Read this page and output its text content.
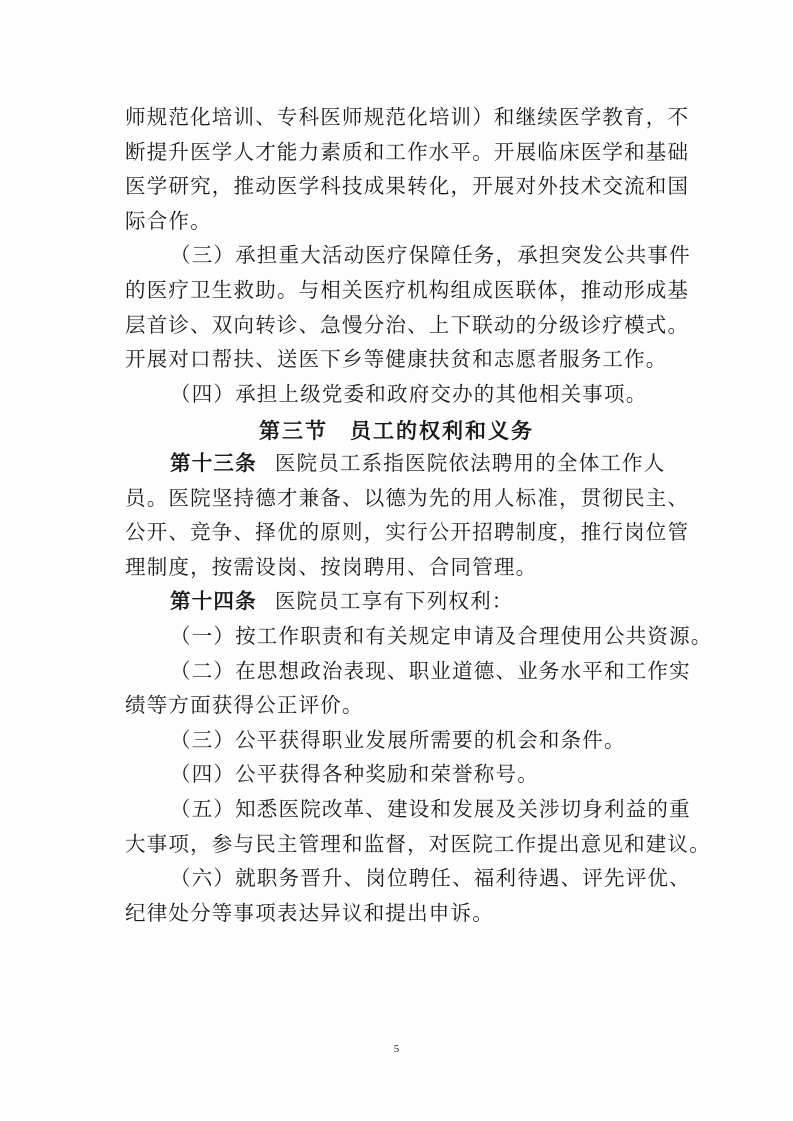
师规范化培训、专科医师规范化培训）和继续医学教育，不
断提升医学人才能力素质和工作水平。开展临床医学和基础
医学研究，推动医学科技成果转化，开展对外技术交流和国
际合作。
（三）承担重大活动医疗保障任务，承担突发公共事件
的医疗卫生救助。与相关医疗机构组成医联体，推动形成基
层首诊、双向转诊、急慢分治、上下联动的分级诊疗模式。
开展对口帮扶、送医下乡等健康扶贫和志愿者服务工作。
（四）承担上级党委和政府交办的其他相关事项。
第三节 员工的权利和义务
第十三条 医院员工系指医院依法聘用的全体工作人
员。医院坚持德才兼备、以德为先的用人标准，贯彻民主、
公开、竞争、择优的原则，实行公开招聘制度，推行岗位管
理制度，按需设岗、按岗聘用、合同管理。
第十四条 医院员工享有下列权利：
（一）按工作职责和有关规定申请及合理使用公共资源。
（二）在思想政治表现、职业道德、业务水平和工作实
绩等方面获得公正评价。
（三）公平获得职业发展所需要的机会和条件。
（四）公平获得各种奖励和荣誉称号。
5
（五）知悉医院改革、建设和发展及关涉切身利益的重
大事项，参与民主管理和监督，对医院工作提出意见和建议。
（六）就职务晋升、岗位聘任、福利待遇、评先评优、
纪律处分等事项表达异议和提出申诉。
